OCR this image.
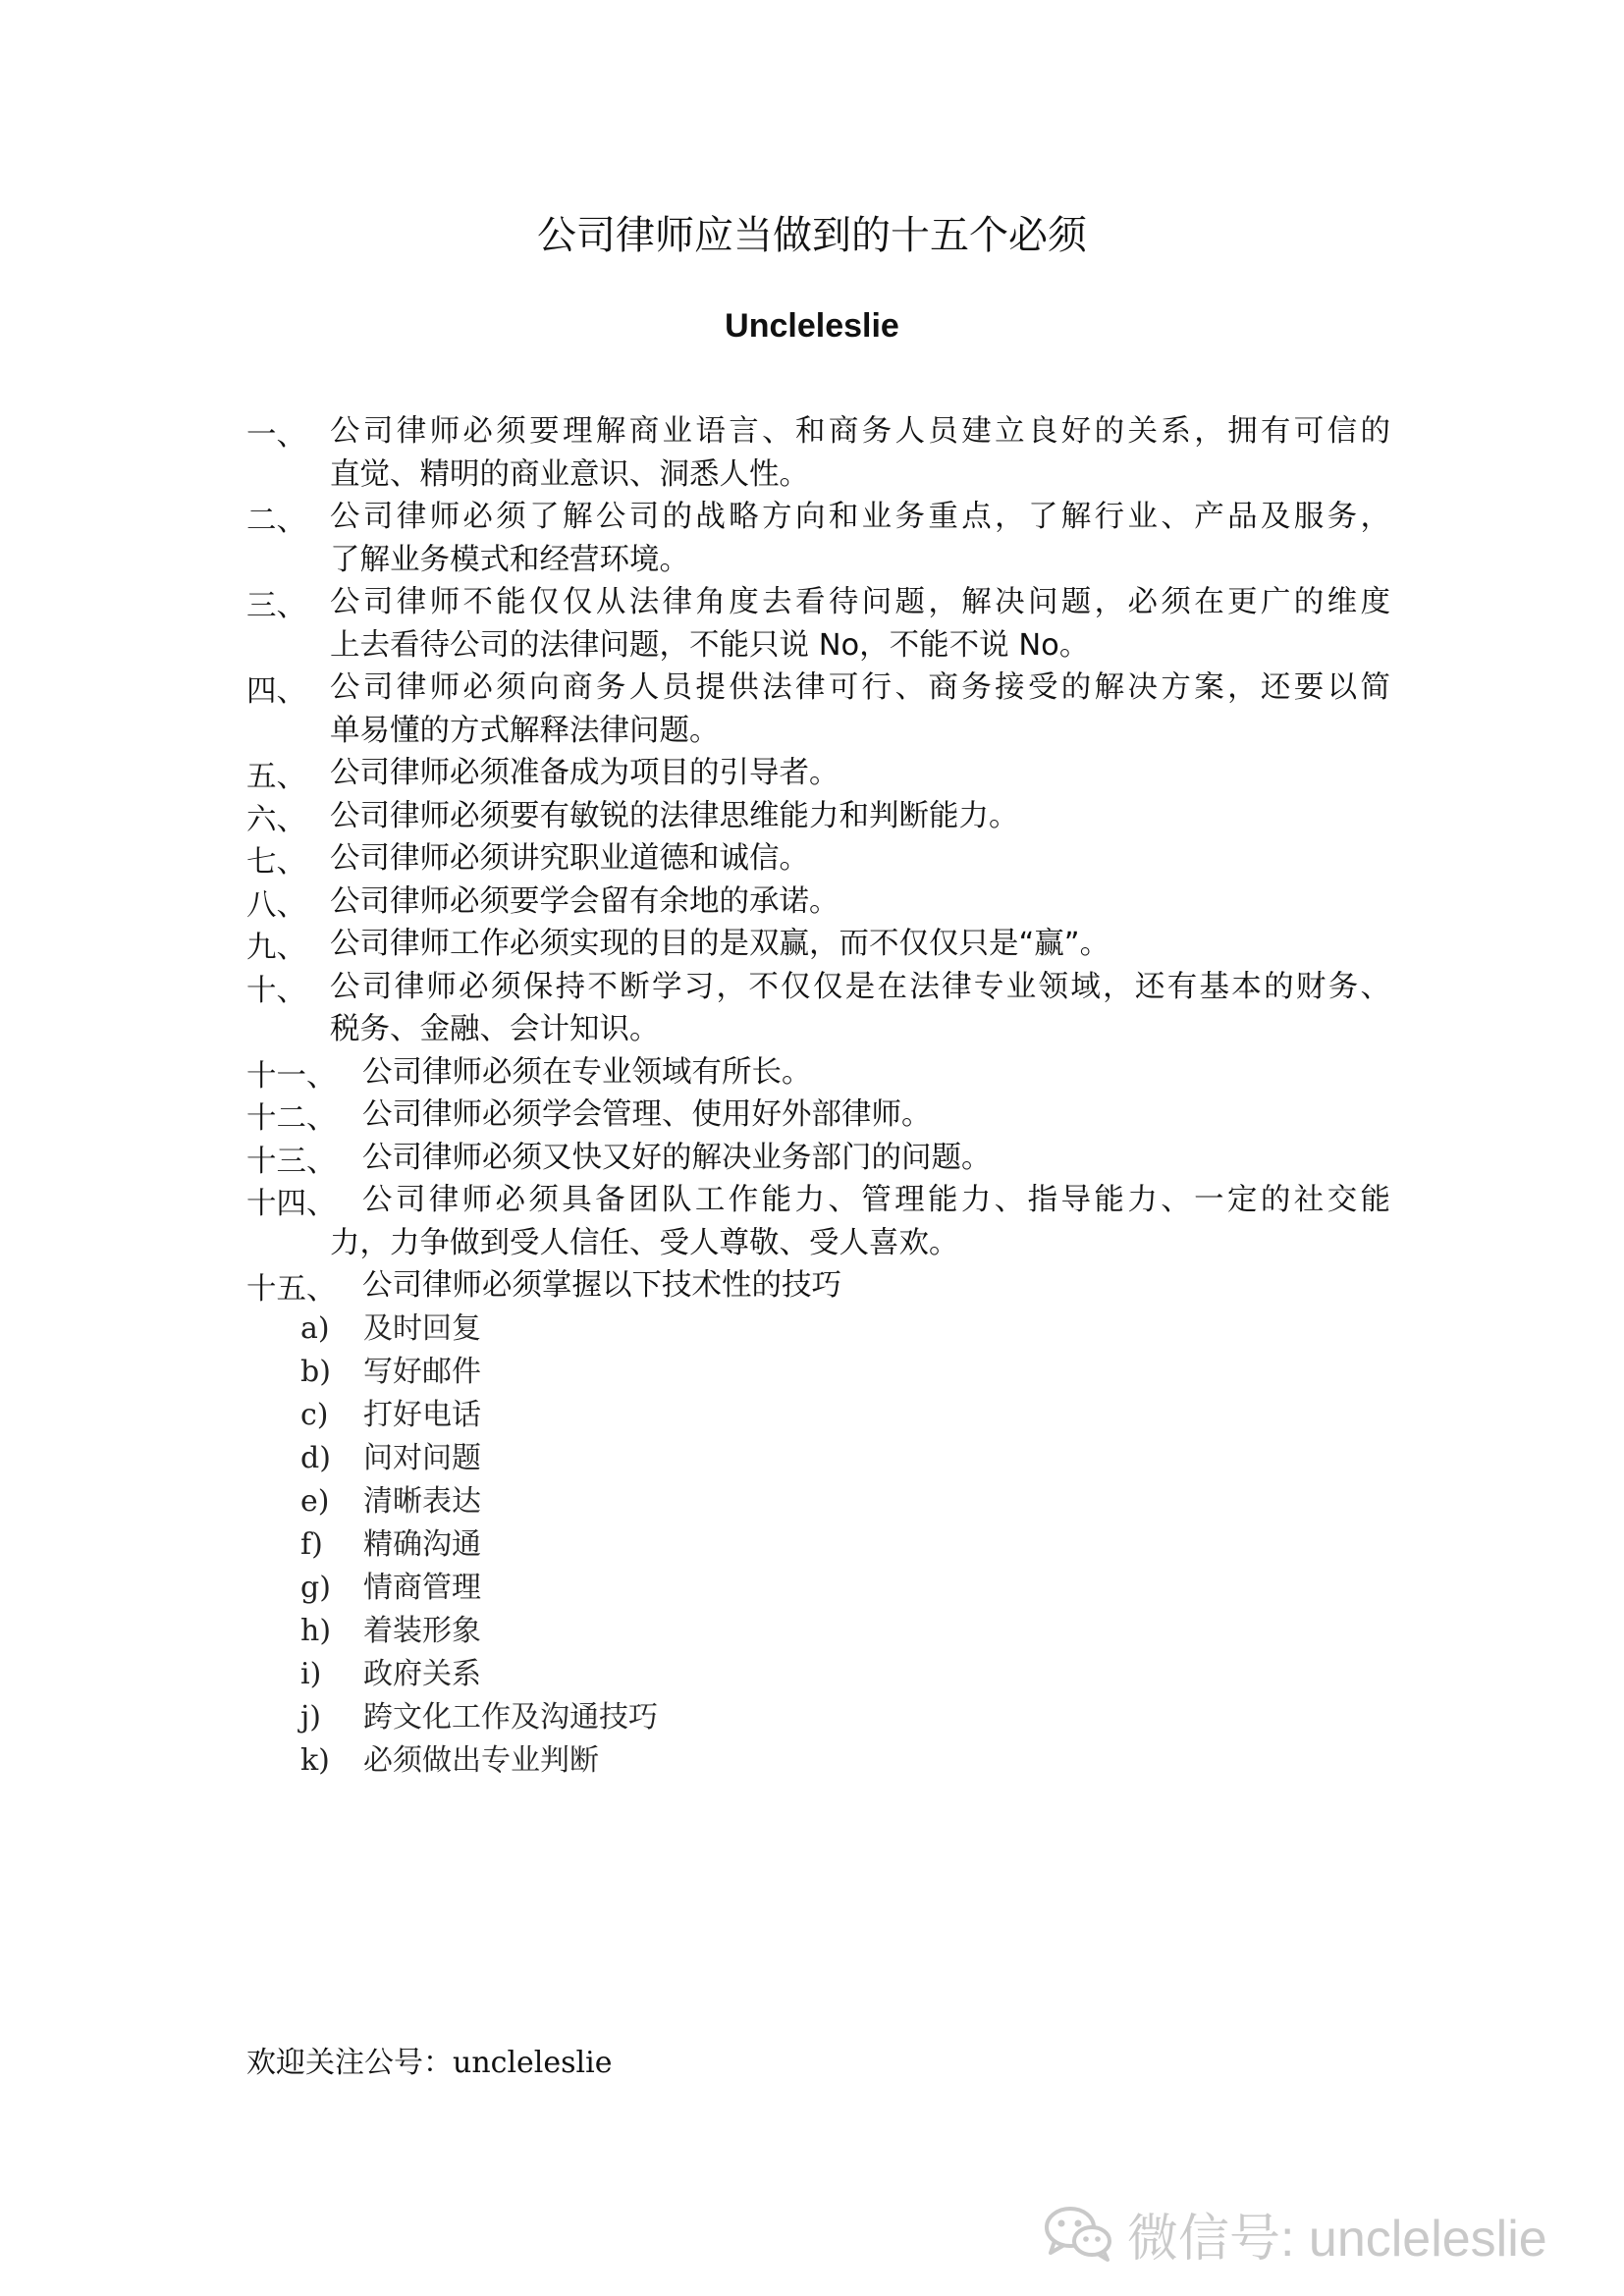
公司律师应当做到的十五个必须
Uncleleslie
一、 公司律师必须要理解商业语言、和商务人员建立良好的关系，拥有可信的
直觉、精明的商业意识、洞悉人性。
二、 公司律师必须了解公司的战略方向和业务重点，了解行业、产品及服务，
了解业务模式和经营环境。
三、 公司律师不能仅仅从法律角度去看待问题，解决问题，必须在更广的维度
上去看待公司的法律问题，不能只说 No，不能不说 No。
四、 公司律师必须向商务人员提供法律可行、商务接受的解决方案，还要以简
单易懂的方式解释法律问题。
五、 公司律师必须准备成为项目的引导者。
六、 公司律师必须要有敏锐的法律思维能力和判断能力。
七、 公司律师必须讲究职业道德和诚信。
八、 公司律师必须要学会留有余地的承诺。
九、 公司律师工作必须实现的目的是双赢，而不仅仅只是“赢”。
十、 公司律师必须保持不断学习，不仅仅是在法律专业领域，还有基本的财务、
税务、金融、会计知识。
十一、 公司律师必须在专业领域有所长。
十二、 公司律师必须学会管理、使用好外部律师。
十三、 公司律师必须又快又好的解决业务部门的问题。
十四、 公司律师必须具备团队工作能力、管理能力、指导能力、一定的社交能
力，力争做到受人信任、受人尊敬、受人喜欢。
十五、 公司律师必须掌握以下技术性的技巧
a) 及时回复
b) 写好邮件
c) 打好电话
d) 问对问题
e) 清晰表达
f) 精确沟通
g) 情商管理
h) 着装形象
i) 政府关系
j) 跨文化工作及沟通技巧
k) 必须做出专业判断
欢迎关注公号：uncleleslie
微信号: uncleleslie
